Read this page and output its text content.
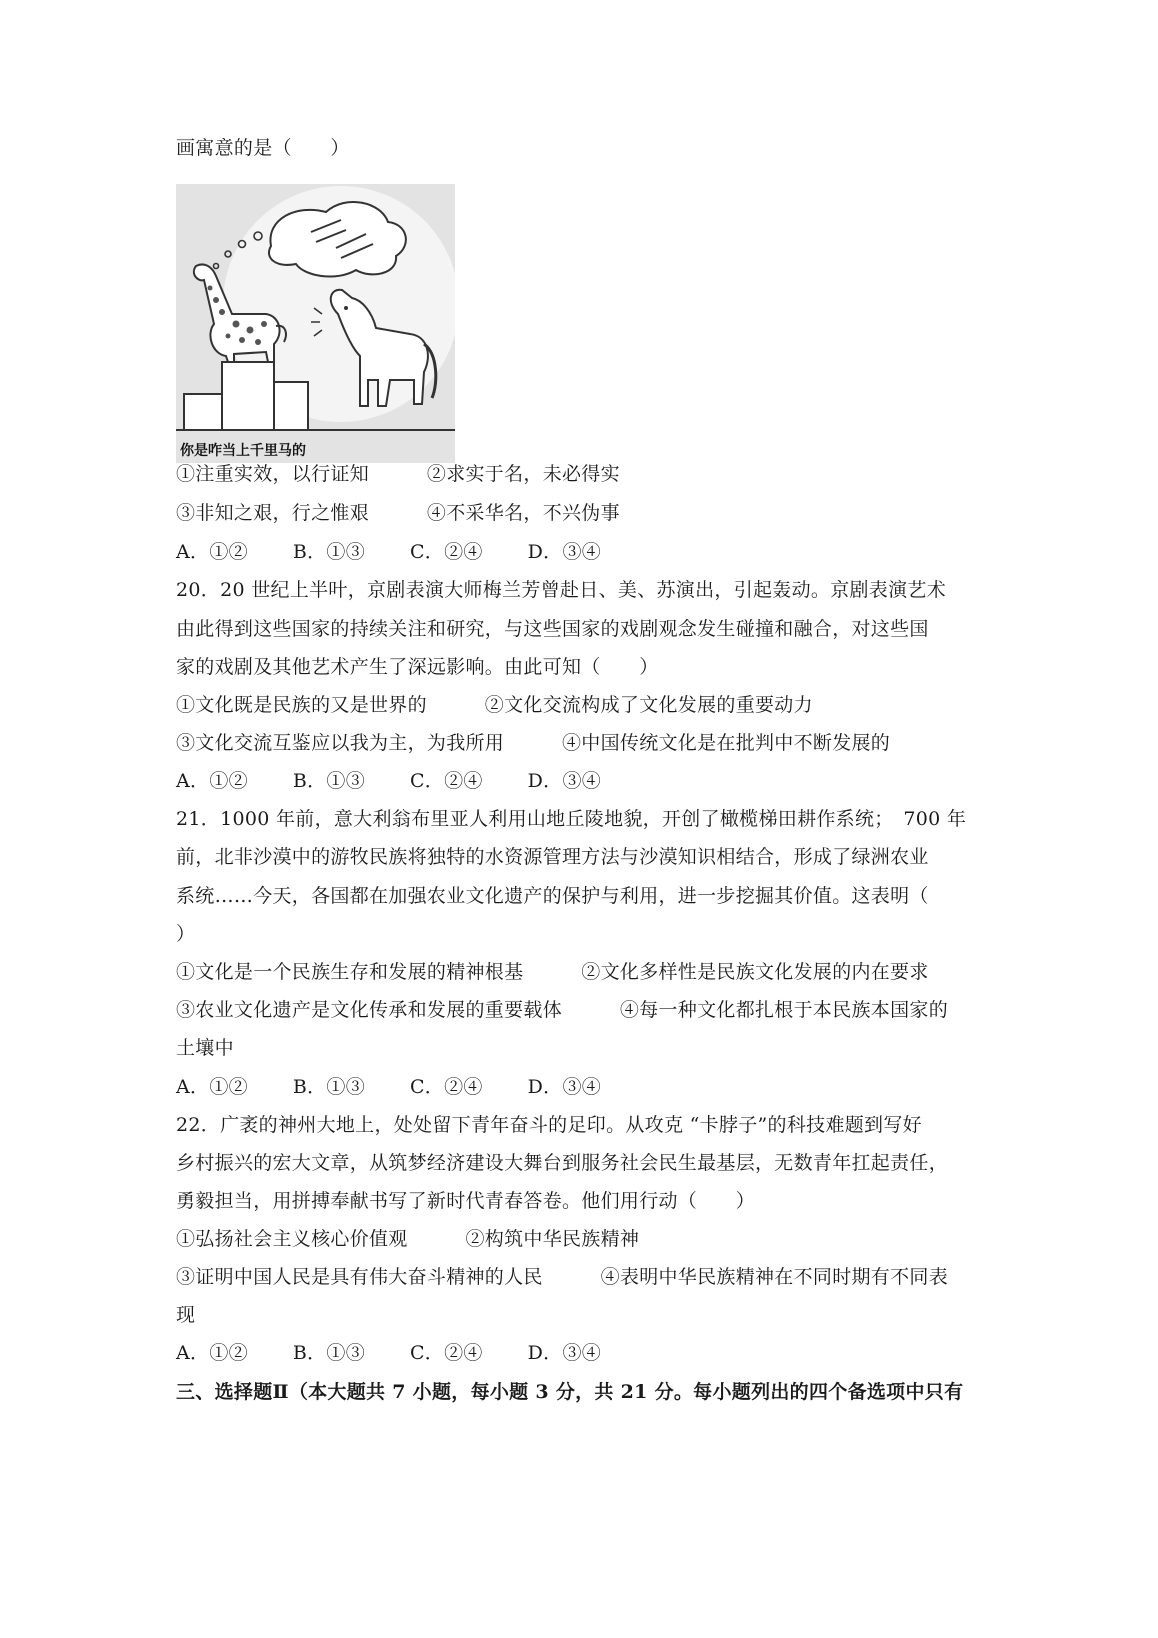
画寓意的是（　　）
你是咋当上千里马的
①注重实效，以行证知　　　②求实于名，未必得实
③非知之艰，行之惟艰　　　④不采华名，不兴伪事
A．①②　　 B．①③　　 C．②④　　 D．③④
20．20 世纪上半叶，京剧表演大师梅兰芳曾赴日、美、苏演出，引起轰动。京剧表演艺术
由此得到这些国家的持续关注和研究，与这些国家的戏剧观念发生碰撞和融合，对这些国
家的戏剧及其他艺术产生了深远影响。由此可知（　　）
①文化既是民族的又是世界的　　　②文化交流构成了文化发展的重要动力
③文化交流互鉴应以我为主，为我所用　　　④中国传统文化是在批判中不断发展的
A．①②　　 B．①③　　 C．②④　　 D．③④
21．1000 年前，意大利翁布里亚人利用山地丘陵地貌，开创了橄榄梯田耕作系统；　700 年
前，北非沙漠中的游牧民族将独特的水资源管理方法与沙漠知识相结合，形成了绿洲农业
系统……今天，各国都在加强农业文化遗产的保护与利用，进一步挖掘其价值。这表明（
）
①文化是一个民族生存和发展的精神根基　　　②文化多样性是民族文化发展的内在要求
③农业文化遗产是文化传承和发展的重要载体　　　④每一种文化都扎根于本民族本国家的
土壤中
A．①②　　 B．①③　　 C．②④　　 D．③④
22．广袤的神州大地上，处处留下青年奋斗的足印。从攻克 “卡脖子”的科技难题到写好
乡村振兴的宏大文章，从筑梦经济建设大舞台到服务社会民生最基层，无数青年扛起责任，
勇毅担当，用拼搏奉献书写了新时代青春答卷。他们用行动（　　）
①弘扬社会主义核心价值观　　　②构筑中华民族精神
③证明中国人民是具有伟大奋斗精神的人民　　　④表明中华民族精神在不同时期有不同表
现
A．①②　　 B．①③　　 C．②④　　 D．③④
三、选择题Ⅱ（本大题共 7 小题，每小题 3 分，共 21 分。每小题列出的四个备选项中只有
